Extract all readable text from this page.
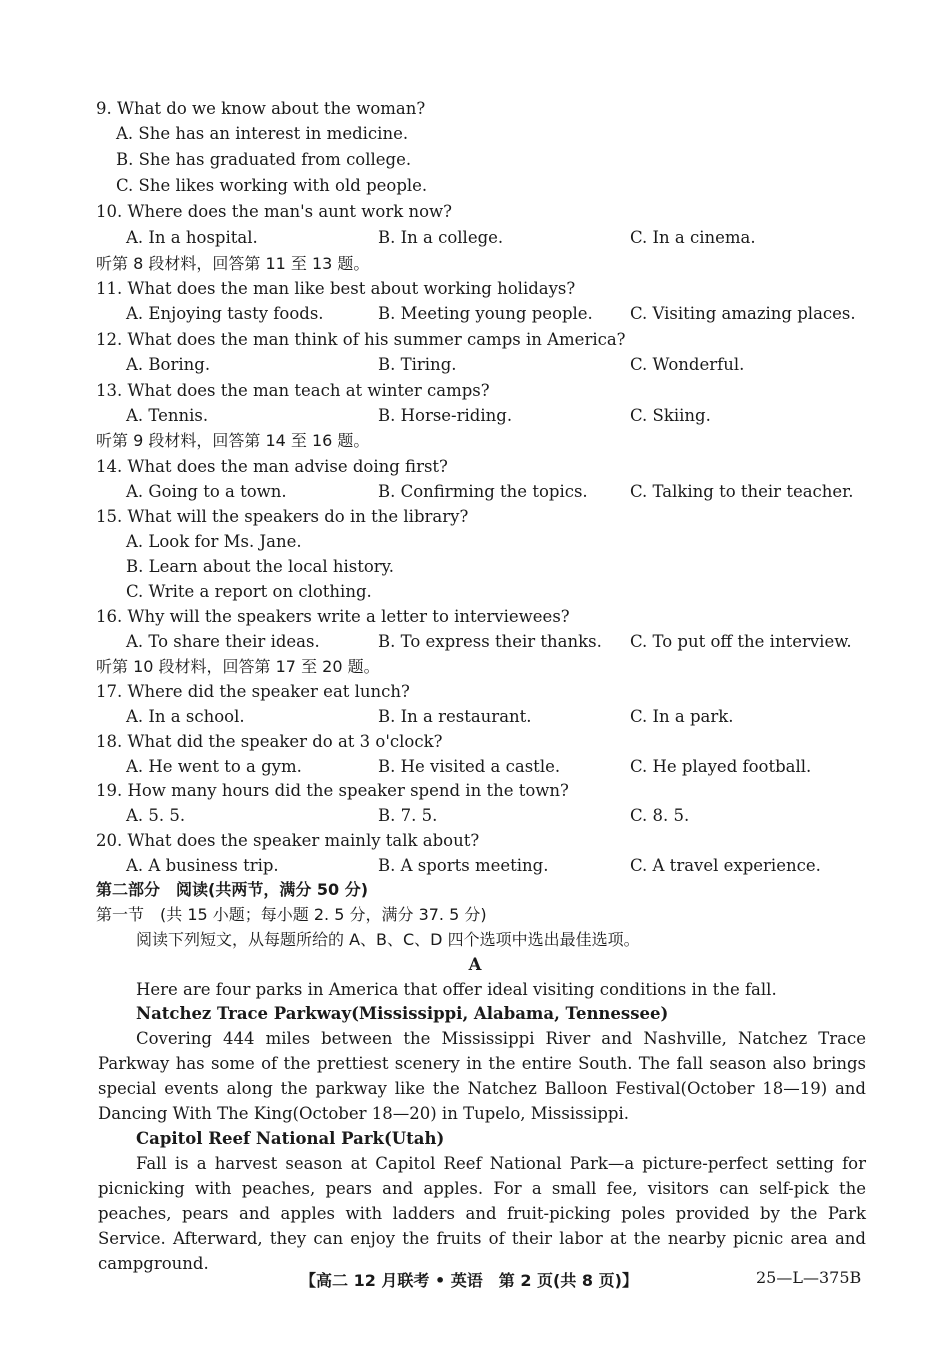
9. What do we know about the woman?
A. She has an interest in medicine.
B. She has graduated from college.
C. She likes working with old people.
10. Where does the man's aunt work now?
A. In a hospital.	B. In a college.	C. In a cinema.
听第 8 段材料，回答第 11 至 13 题。
11. What does the man like best about working holidays?
A. Enjoying tasty foods.	B. Meeting young people. C. Visiting amazing places.
12. What does the man think of his summer camps in America?
A. Boring.	B. Tiring.	C. Wonderful.
13. What does the man teach at winter camps?
A. Tennis.	B. Horse-riding.	C. Skiing.
听第 9 段材料，回答第 14 至 16 题。
14. What does the man advise doing first?
A. Going to a town.	B. Confirming the topics.	C. Talking to their teacher.
15. What will the speakers do in the library?
A. Look for Ms. Jane.
B. Learn about the local history.
C. Write a report on clothing.
16. Why will the speakers write a letter to interviewees?
A. To share their ideas.	B. To express their thanks. C. To put off the interview.
听第 10 段材料，回答第 17 至 20 题。
17. Where did the speaker eat lunch?
A. In a school.	B. In a restaurant.	C. In a park.
18. What did the speaker do at 3 o'clock?
A. He went to a gym.	B. He visited a castle.	C. He played football.
19. How many hours did the speaker spend in the town?
A. 5. 5.	B. 7. 5.	C. 8. 5.
20. What does the speaker mainly talk about?
A. A business trip.	B. A sports meeting.	C. A travel experience.
第二部分　阅读(共两节，满分 50 分)
第一节　(共 15 小题；每小题 2. 5 分，满分 37. 5 分)
阅读下列短文，从每题所给的 A、B、C、D 四个选项中选出最佳选项。
A
Here are four parks in America that offer ideal visiting conditions in the fall.
Natchez Trace Parkway(Mississippi, Alabama, Tennessee)
Covering 444 miles between the Mississippi River and Nashville, Natchez Trace Parkway has some of the prettiest scenery in the entire South. The fall season also brings special events along the parkway like the Natchez Balloon Festival(October 18—19) and Dancing With The King(October 18—20) in Tupelo, Mississippi.
Capitol Reef National Park(Utah)
Fall is a harvest season at Capitol Reef National Park—a picture-perfect setting for picnicking with peaches, pears and apples. For a small fee, visitors can self-pick the peaches, pears and apples with ladders and fruit-picking poles provided by the Park Service. Afterward, they can enjoy the fruits of their labor at the nearby picnic area and campground.
【高二 12 月联考 • 英语　第 2 页(共 8 页)】	25—L—375B
